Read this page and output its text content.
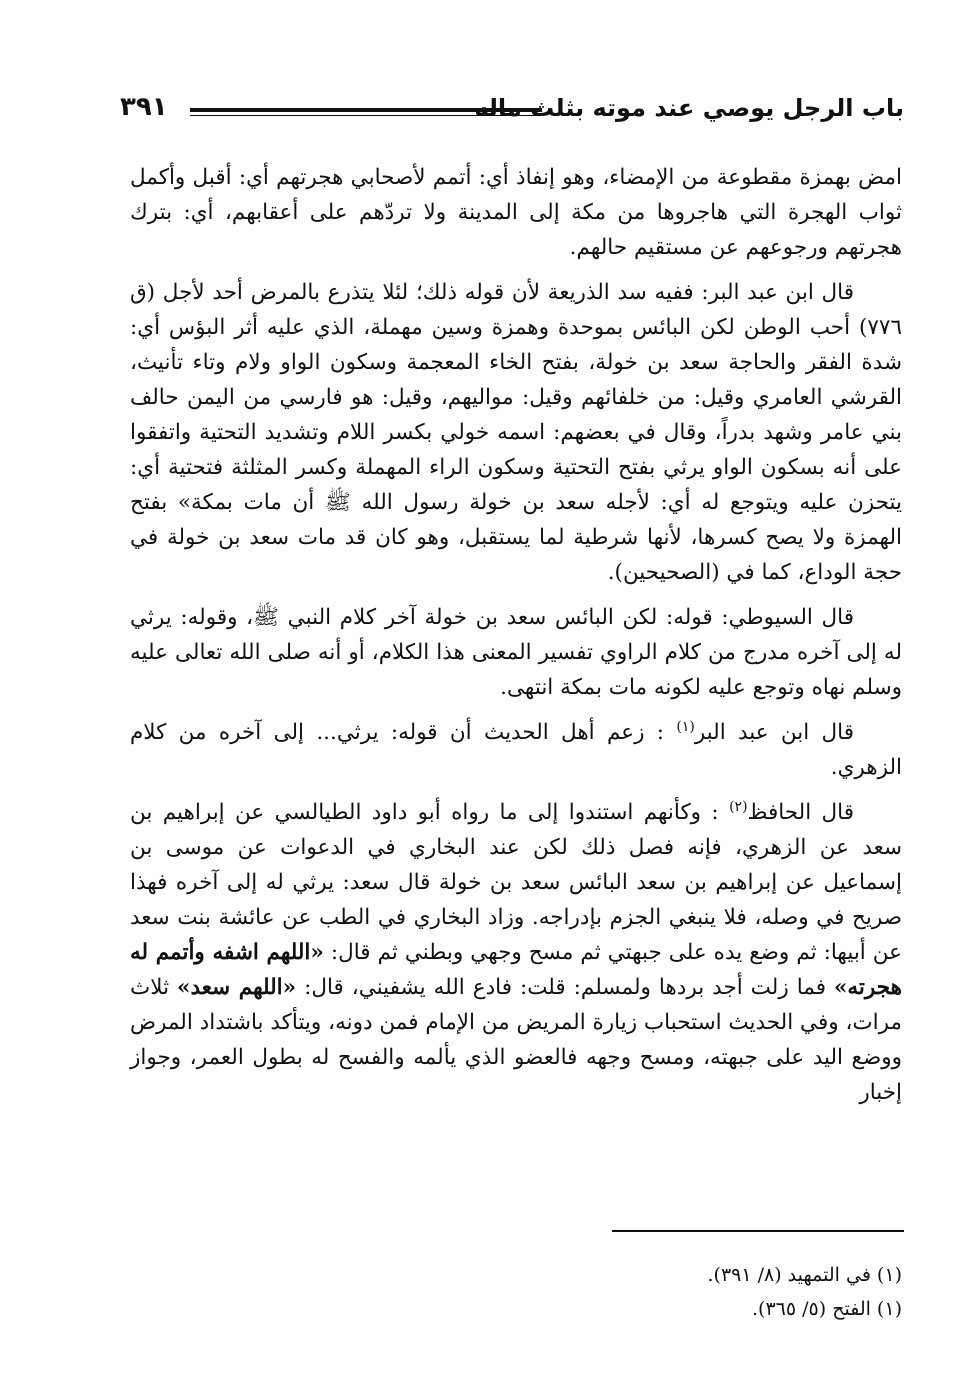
باب الرجل يوصي عند موته بثلث ماله
٣٩١

امض بهمزة مقطوعة من الإمضاء، وهو إنفاذ أي: أتمم لأصحابي هجرتهم أي: أقبل وأكمل ثواب الهجرة التي هاجروها من مكة إلى المدينة ولا تردّهم على أعقابهم، أي: بترك هجرتهم ورجوعهم عن مستقيم حالهم.

قال ابن عبد البر: ففيه سد الذريعة لأن قوله ذلك؛ لئلا يتذرع بالمرض أحد لأجل (ق ٧٧٦) أحب الوطن لكن البائس بموحدة وهمزة وسين مهملة، الذي عليه أثر البؤس أي: شدة الفقر والحاجة سعد بن خولة، بفتح الخاء المعجمة وسكون الواو ولام وتاء تأنيث، القرشي العامري وقيل: من خلفائهم وقيل: مواليهم، وقيل: هو فارسي من اليمن حالف بني عامر وشهد بدراً، وقال في بعضهم: اسمه خولي بكسر اللام وتشديد التحتية واتفقوا على أنه بسكون الواو يرثي بفتح التحتية وسكون الراء المهملة وكسر المثلثة فتحتية أي: يتحزن عليه ويتوجع له أي: لأجله سعد بن خولة رسول الله ﷺ أن مات بمكة» بفتح الهمزة ولا يصح كسرها، لأنها شرطية لما يستقبل، وهو كان قد مات سعد بن خولة في حجة الوداع، كما في (الصحيحين).

قال السيوطي: قوله: لكن البائس سعد بن خولة آخر كلام النبي ﷺ، وقوله: يرثي له إلى آخره مدرج من كلام الراوي تفسير المعنى هذا الكلام، أو أنه صلى الله تعالى عليه وسلم نهاه وتوجع عليه لكونه مات بمكة انتهى.

قال ابن عبد البر$^{(١)}$ : زعم أهل الحديث أن قوله: يرثي... إلى آخره من كلام الزهري.

قال الحافظ$^{(٢)}$ : وكأنهم استندوا إلى ما رواه أبو داود الطيالسي عن إبراهيم بن سعد عن الزهري، فإنه فصل ذلك لكن عند البخاري في الدعوات عن موسى بن إسماعيل عن إبراهيم بن سعد البائس سعد بن خولة قال سعد: يرثي له إلى آخره فهذا صريح في وصله، فلا ينبغي الجزم بإدراجه. وزاد البخاري في الطب عن عائشة بنت سعد عن أبيها: ثم وضع يده على جبهتي ثم مسح وجهي وبطني ثم قال: «اللهم اشفه وأتمم له هجرته» فما زلت أجد بردها ولمسلم: قلت: فادع الله يشفيني، قال: «اللهم سعد» ثلاث مرات، وفي الحديث استحباب زيارة المريض من الإمام فمن دونه، ويتأكد باشتداد المرض ووضع اليد على جبهته، ومسح وجهه فالعضو الذي يألمه والفسح له بطول العمر، وجواز إخبار

(١) في التمهيد (٨/ ٣٩١).
(١) الفتح (٥/ ٣٦٥).
